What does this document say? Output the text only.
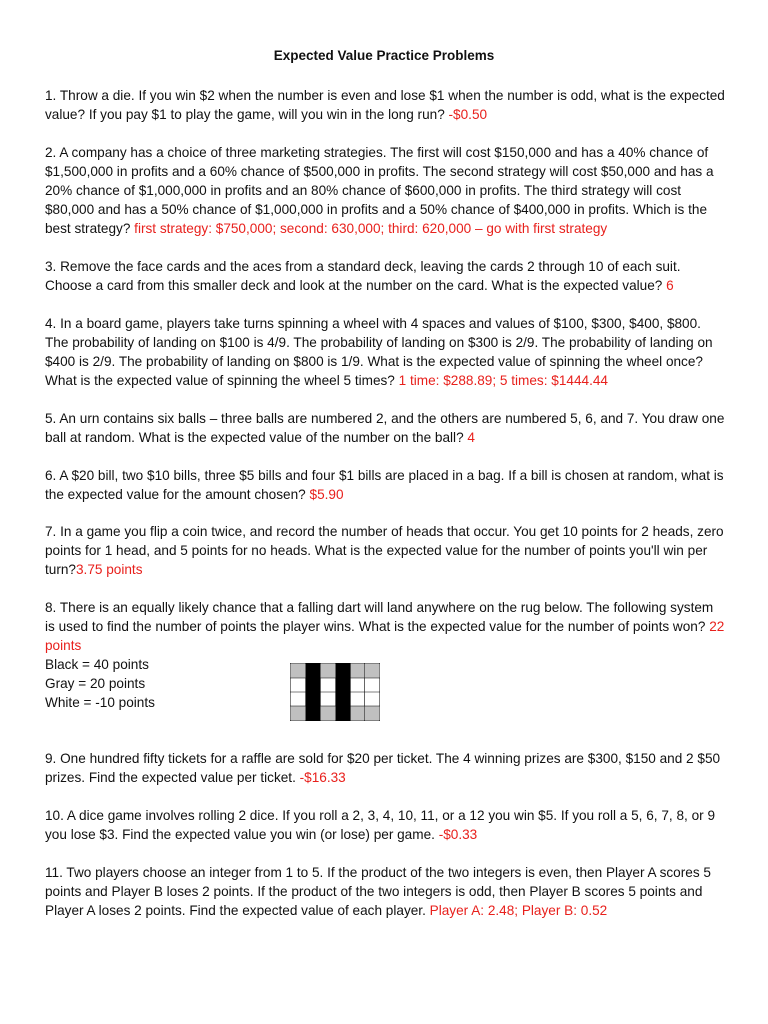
Expected Value Practice Problems
1. Throw a die. If you win $2 when the number is even and lose $1 when the number is odd, what is the expected value? If you pay $1 to play the game, will you win in the long run? -$0.50
2. A company has a choice of three marketing strategies. The first will cost $150,000 and has a 40% chance of $1,500,000 in profits and a 60% chance of $500,000 in profits. The second strategy will cost $50,000 and has a 20% chance of $1,000,000 in profits and an 80% chance of $600,000 in profits. The third strategy will cost $80,000 and has a 50% chance of $1,000,000 in profits and a 50% chance of $400,000 in profits. Which is the best strategy? first strategy: $750,000; second: 630,000; third: 620,000 – go with first strategy
3. Remove the face cards and the aces from a standard deck, leaving the cards 2 through 10 of each suit. Choose a card from this smaller deck and look at the number on the card. What is the expected value? 6
4. In a board game, players take turns spinning a wheel with 4 spaces and values of $100, $300, $400, $800. The probability of landing on $100 is 4/9. The probability of landing on $300 is 2/9. The probability of landing on $400 is 2/9. The probability of landing on $800 is 1/9. What is the expected value of spinning the wheel once? What is the expected value of spinning the wheel 5 times? 1 time: $288.89; 5 times: $1444.44
5. An urn contains six balls – three balls are numbered 2, and the others are numbered 5, 6, and 7. You draw one ball at random. What is the expected value of the number on the ball? 4
6. A $20 bill, two $10 bills, three $5 bills and four $1 bills are placed in a bag. If a bill is chosen at random, what is the expected value for the amount chosen? $5.90
7. In a game you flip a coin twice, and record the number of heads that occur. You get 10 points for 2 heads, zero points for 1 head, and 5 points for no heads. What is the expected value for the number of points you'll win per turn?3.75 points
8. There is an equally likely chance that a falling dart will land anywhere on the rug below. The following system is used to find the number of points the player wins. What is the expected value for the number of points won? 22 points
Black = 40 points
Gray = 20 points
White = -10 points
9. One hundred fifty tickets for a raffle are sold for $20 per ticket. The 4 winning prizes are $300, $150 and 2 $50 prizes. Find the expected value per ticket. -$16.33
10. A dice game involves rolling 2 dice. If you roll a 2, 3, 4, 10, 11, or a 12 you win $5. If you roll a 5, 6, 7, 8, or 9 you lose $3. Find the expected value you win (or lose) per game. -$0.33
11. Two players choose an integer from 1 to 5. If the product of the two integers is even, then Player A scores 5 points and Player B loses 2 points. If the product of the two integers is odd, then Player B scores 5 points and Player A loses 2 points. Find the expected value of each player. Player A: 2.48; Player B: 0.52
